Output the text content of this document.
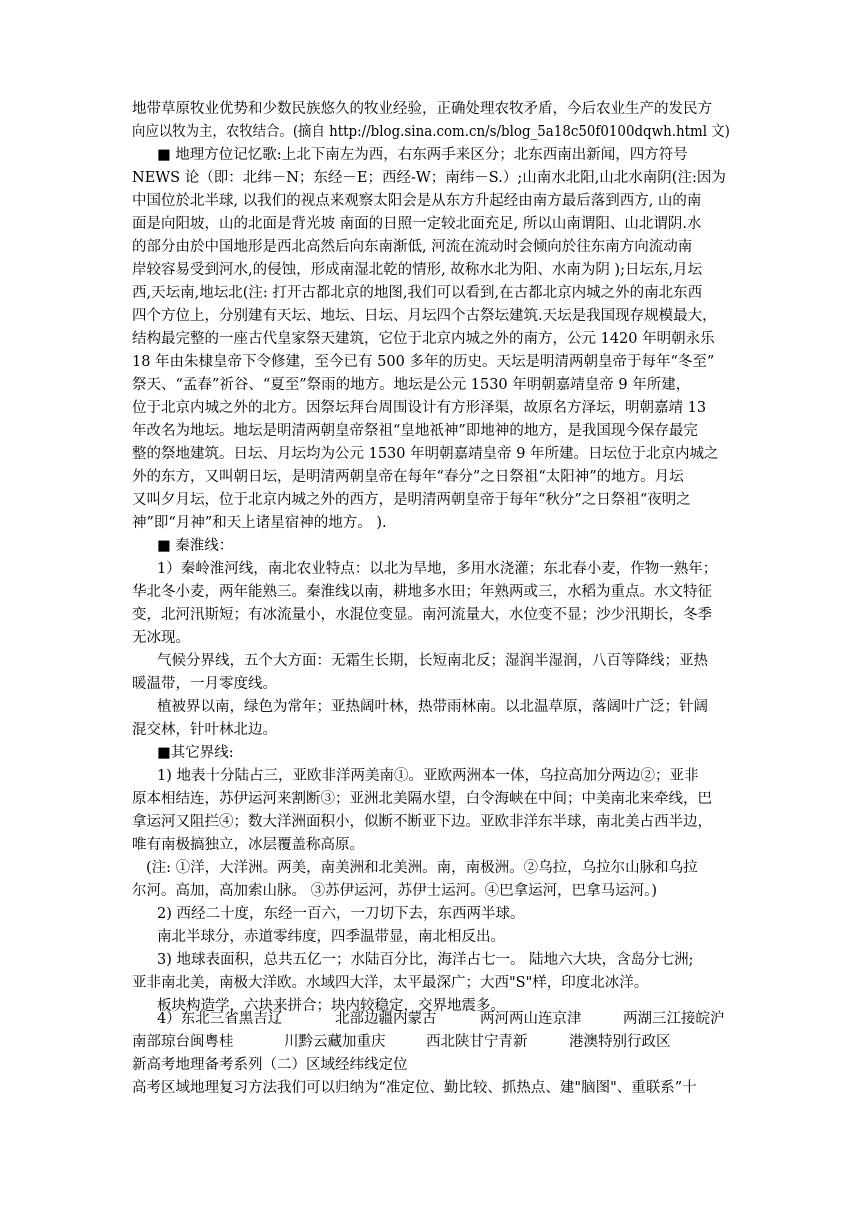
地带草原牧业优势和少数民族悠久的牧业经验，正确处理农牧矛盾，今后农业生产的发民方
向应以牧为主，农牧结合。(摘自 http://blog.sina.com.cn/s/blog_5a18c50f0100dqwh.html 文)
■ 地理方位记忆歌:上北下南左为西，右东两手来区分；北东西南出新闻，四方符号
NEWS 论（即：北纬－N；东经－E；西经-W；南纬－S.）;山南水北阳,山北水南阴(注:因为
中国位於北半球, 以我们的视点来观察太阳会是从东方升起经由南方最后落到西方, 山的南
面是向阳坡，山的北面是背光坡 南面的日照一定较北面充足, 所以山南谓阳、山北谓阴.水
的部分由於中国地形是西北高然后向东南渐低, 河流在流动时会倾向於往东南方向流动南
岸较容易受到河水,的侵蚀，形成南湿北乾的情形, 故称水北为阳、水南为阴 );日坛东,月坛
西,天坛南,地坛北(注: 打开古都北京的地图,我们可以看到,在古都北京内城之外的南北东西
四个方位上，分别建有天坛、地坛、日坛、月坛四个古祭坛建筑.天坛是我国现存规模最大，
结构最完整的一座古代皇家祭天建筑，它位于北京内城之外的南方，公元 1420 年明朝永乐
18 年由朱棣皇帝下令修建，至今已有 500 多年的历史。天坛是明清两朝皇帝于每年“冬至”
祭天、“孟春”祈谷、“夏至”祭雨的地方。地坛是公元 1530 年明朝嘉靖皇帝 9 年所建，
位于北京内城之外的北方。因祭坛拜台周围设计有方形泽渠，故原名方泽坛，明朝嘉靖 13
年改名为地坛。地坛是明清两朝皇帝祭祖“皇地祇神”即地神的地方，是我国现今保存最完
整的祭地建筑。日坛、月坛均为公元 1530 年明朝嘉靖皇帝 9 年所建。日坛位于北京内城之
外的东方，又叫朝日坛，是明清两朝皇帝在每年“春分”之日祭祖“太阳神”的地方。月坛
又叫夕月坛，位于北京内城之外的西方，是明清两朝皇帝于每年“秋分”之日祭祖“夜明之
神”即“月神”和天上诸星宿神的地方。 ).
■ 秦淮线：
1）秦岭淮河线，南北农业特点：以北为旱地，多用水浇灌；东北春小麦，作物一熟年；
华北冬小麦，两年能熟三。秦淮线以南，耕地多水田；年熟两或三，水稻为重点。水文特征
变，北河汛斯短；有冰流量小，水混位变显。南河流量大，水位变不显；沙少汛期长，冬季
无冰现。
气候分界线，五个大方面：无霜生长期，长短南北反；湿润半湿润，八百等降线；亚热
暖温带，一月零度线。
植被界以南，绿色为常年；亚热阔叶林，热带雨林南。以北温草原，落阔叶广泛；针阔
混交林，针叶林北边。
■其它界线:
1) 地表十分陆占三，亚欧非洋两美南①。亚欧两洲本一体，乌拉高加分两边②；亚非
原本相结连，苏伊运河来割断③；亚洲北美隔水望，白令海峡在中间；中美南北来牵线，巴
拿运河又阻拦④；数大洋洲面积小，似断不断亚下边。亚欧非洋东半球，南北美占西半边，
唯有南极搞独立，冰层覆盖称高原。
(注: ①洋，大洋洲。两美，南美洲和北美洲。南，南极洲。②乌拉，乌拉尔山脉和乌拉
尔河。高加，高加索山脉。 ③苏伊运河，苏伊士运河。④巴拿运河，巴拿马运河。)
2) 西经二十度，东经一百六，一刀切下去，东西两半球。
南北半球分，赤道零纬度，四季温带显，南北相反出。
3) 地球表面积，总共五亿一；水陆百分比，海洋占七一。 陆地六大块，含岛分七洲;
亚非南北美，南极大洋欧。水域四大洋，太平最深广；大西"S"样，印度北冰洋。
板块构造学，六块来拼合；块内较稳定，交界地震多。
4）东北三省黑吉辽	北部边疆内蒙古	两河两山连京津	两湖三江接皖沪
南部琼台闽粤桂	川黔云藏加重庆	西北陕甘宁青新	港澳特别行政区
新高考地理备考系列（二）区域经纬线定位
高考区域地理复习方法我们可以归纳为“准定位、勤比较、抓热点、建"脑图"、重联系”十
